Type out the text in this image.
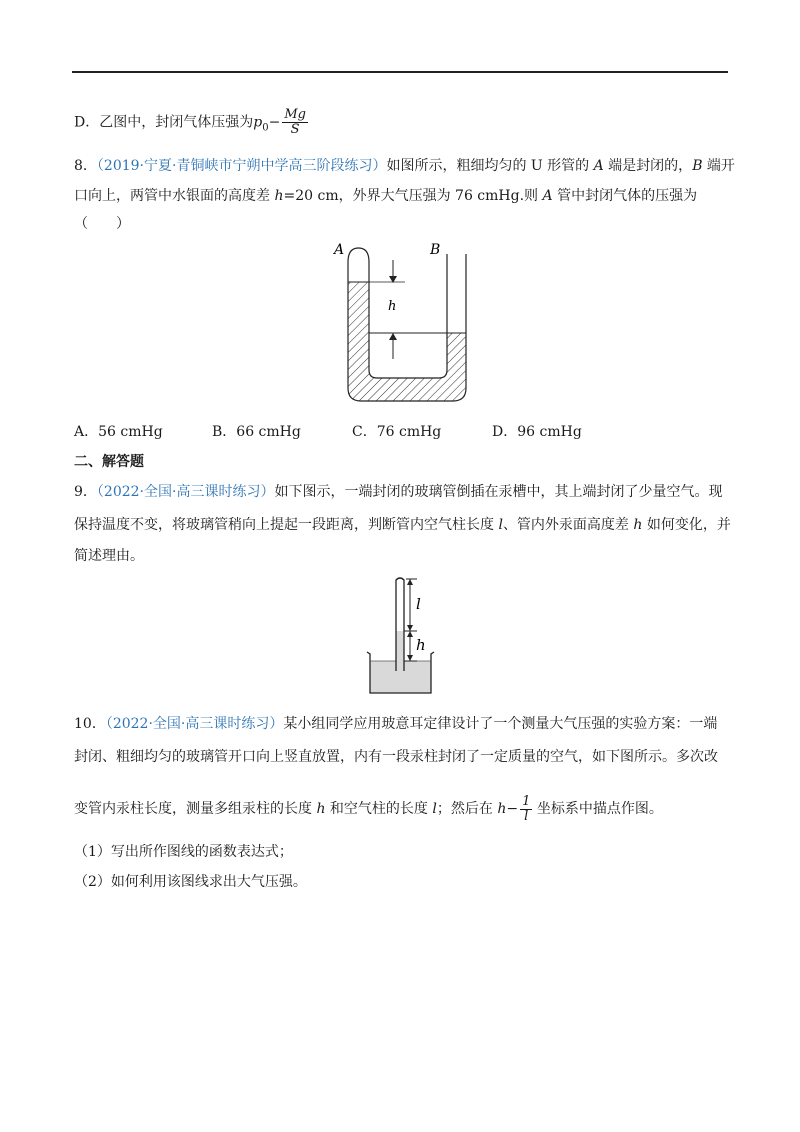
D．乙图中，封闭气体压强为$p_0- \frac{Mg}{S}$
8．（2019·宁夏·青铜峡市宁朔中学高三阶段练习）如图所示，粗细均匀的 U 形管的 A 端是封闭的，B 端开
口向上，两管中水银面的高度差 h=20 cm，外界大气压强为 76 cmHg.则 A 管中封闭气体的压强为
（　　）
A	B
h
A．56 cmHg	B．66 cmHg	C．76 cmHg	D．96 cmHg
二、解答题
9．（2022·全国·高三课时练习）如下图示，一端封闭的玻璃管倒插在汞槽中，其上端封闭了少量空气。现
保持温度不变，将玻璃管稍向上提起一段距离，判断管内空气柱长度 l、管内外汞面高度差 h 如何变化，并
简述理由。
l
h
10．（2022·全国·高三课时练习）某小组同学应用玻意耳定律设计了一个测量大气压强的实验方案：一端
封闭、粗细均匀的玻璃管开口向上竖直放置，内有一段汞柱封闭了一定质量的空气，如下图所示。多次改
变管内汞柱长度，测量多组汞柱的长度 h 和空气柱的长度 l；然后在 $h- \frac{1}{l}$ 坐标系中描点作图。
（1）写出所作图线的函数表达式；
（2）如何利用该图线求出大气压强。
